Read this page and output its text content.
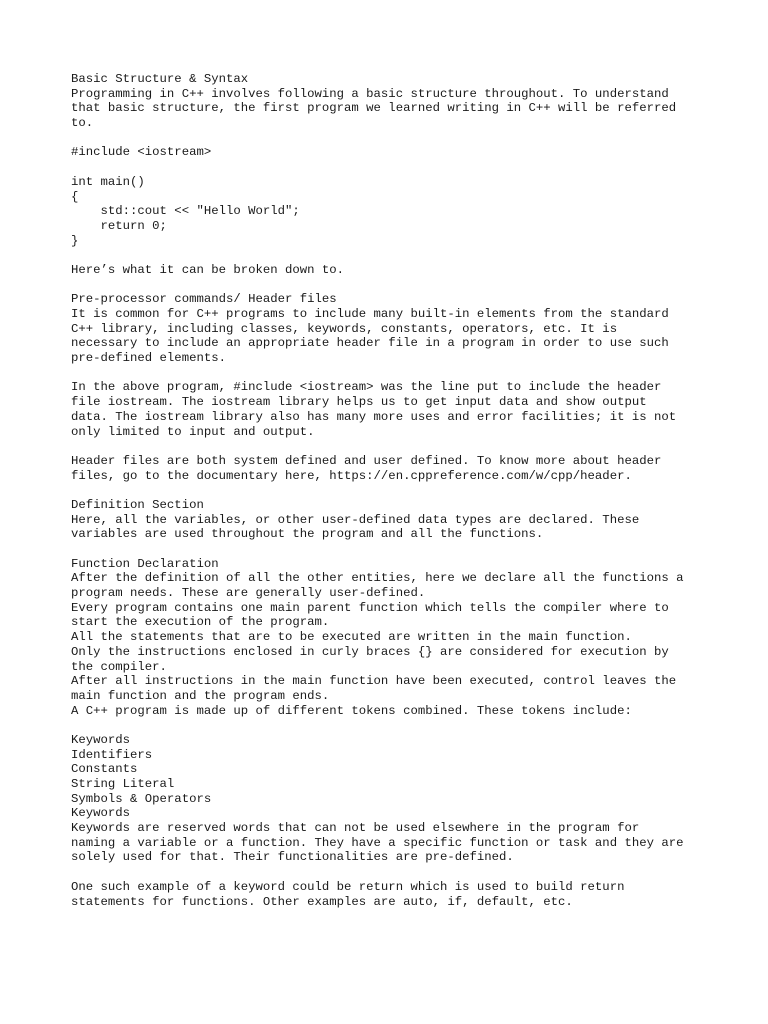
Basic Structure & Syntax
Programming in C++ involves following a basic structure throughout. To understand
that basic structure, the first program we learned writing in C++ will be referred
to.
#include <iostream>
int main()
{
std::cout << "Hello World";
return 0;
}
Here’s what it can be broken down to.
Pre-processor commands/ Header files
It is common for C++ programs to include many built-in elements from the standard
C++ library, including classes, keywords, constants, operators, etc. It is
necessary to include an appropriate header file in a program in order to use such
pre-defined elements.
In the above program, #include <iostream> was the line put to include the header
file iostream. The iostream library helps us to get input data and show output
data. The iostream library also has many more uses and error facilities; it is not
only limited to input and output.
Header files are both system defined and user defined. To know more about header
files, go to the documentary here, https://en.cppreference.com/w/cpp/header.
Definition Section
Here, all the variables, or other user-defined data types are declared. These
variables are used throughout the program and all the functions.
Function Declaration
After the definition of all the other entities, here we declare all the functions a
program needs. These are generally user-defined.
Every program contains one main parent function which tells the compiler where to
start the execution of the program.
All the statements that are to be executed are written in the main function.
Only the instructions enclosed in curly braces {} are considered for execution by
the compiler.
After all instructions in the main function have been executed, control leaves the
main function and the program ends.
A C++ program is made up of different tokens combined. These tokens include:
Keywords
Identifiers
Constants
String Literal
Symbols & Operators
Keywords
Keywords are reserved words that can not be used elsewhere in the program for
naming a variable or a function. They have a specific function or task and they are
solely used for that. Their functionalities are pre-defined.
One such example of a keyword could be return which is used to build return
statements for functions. Other examples are auto, if, default, etc.
